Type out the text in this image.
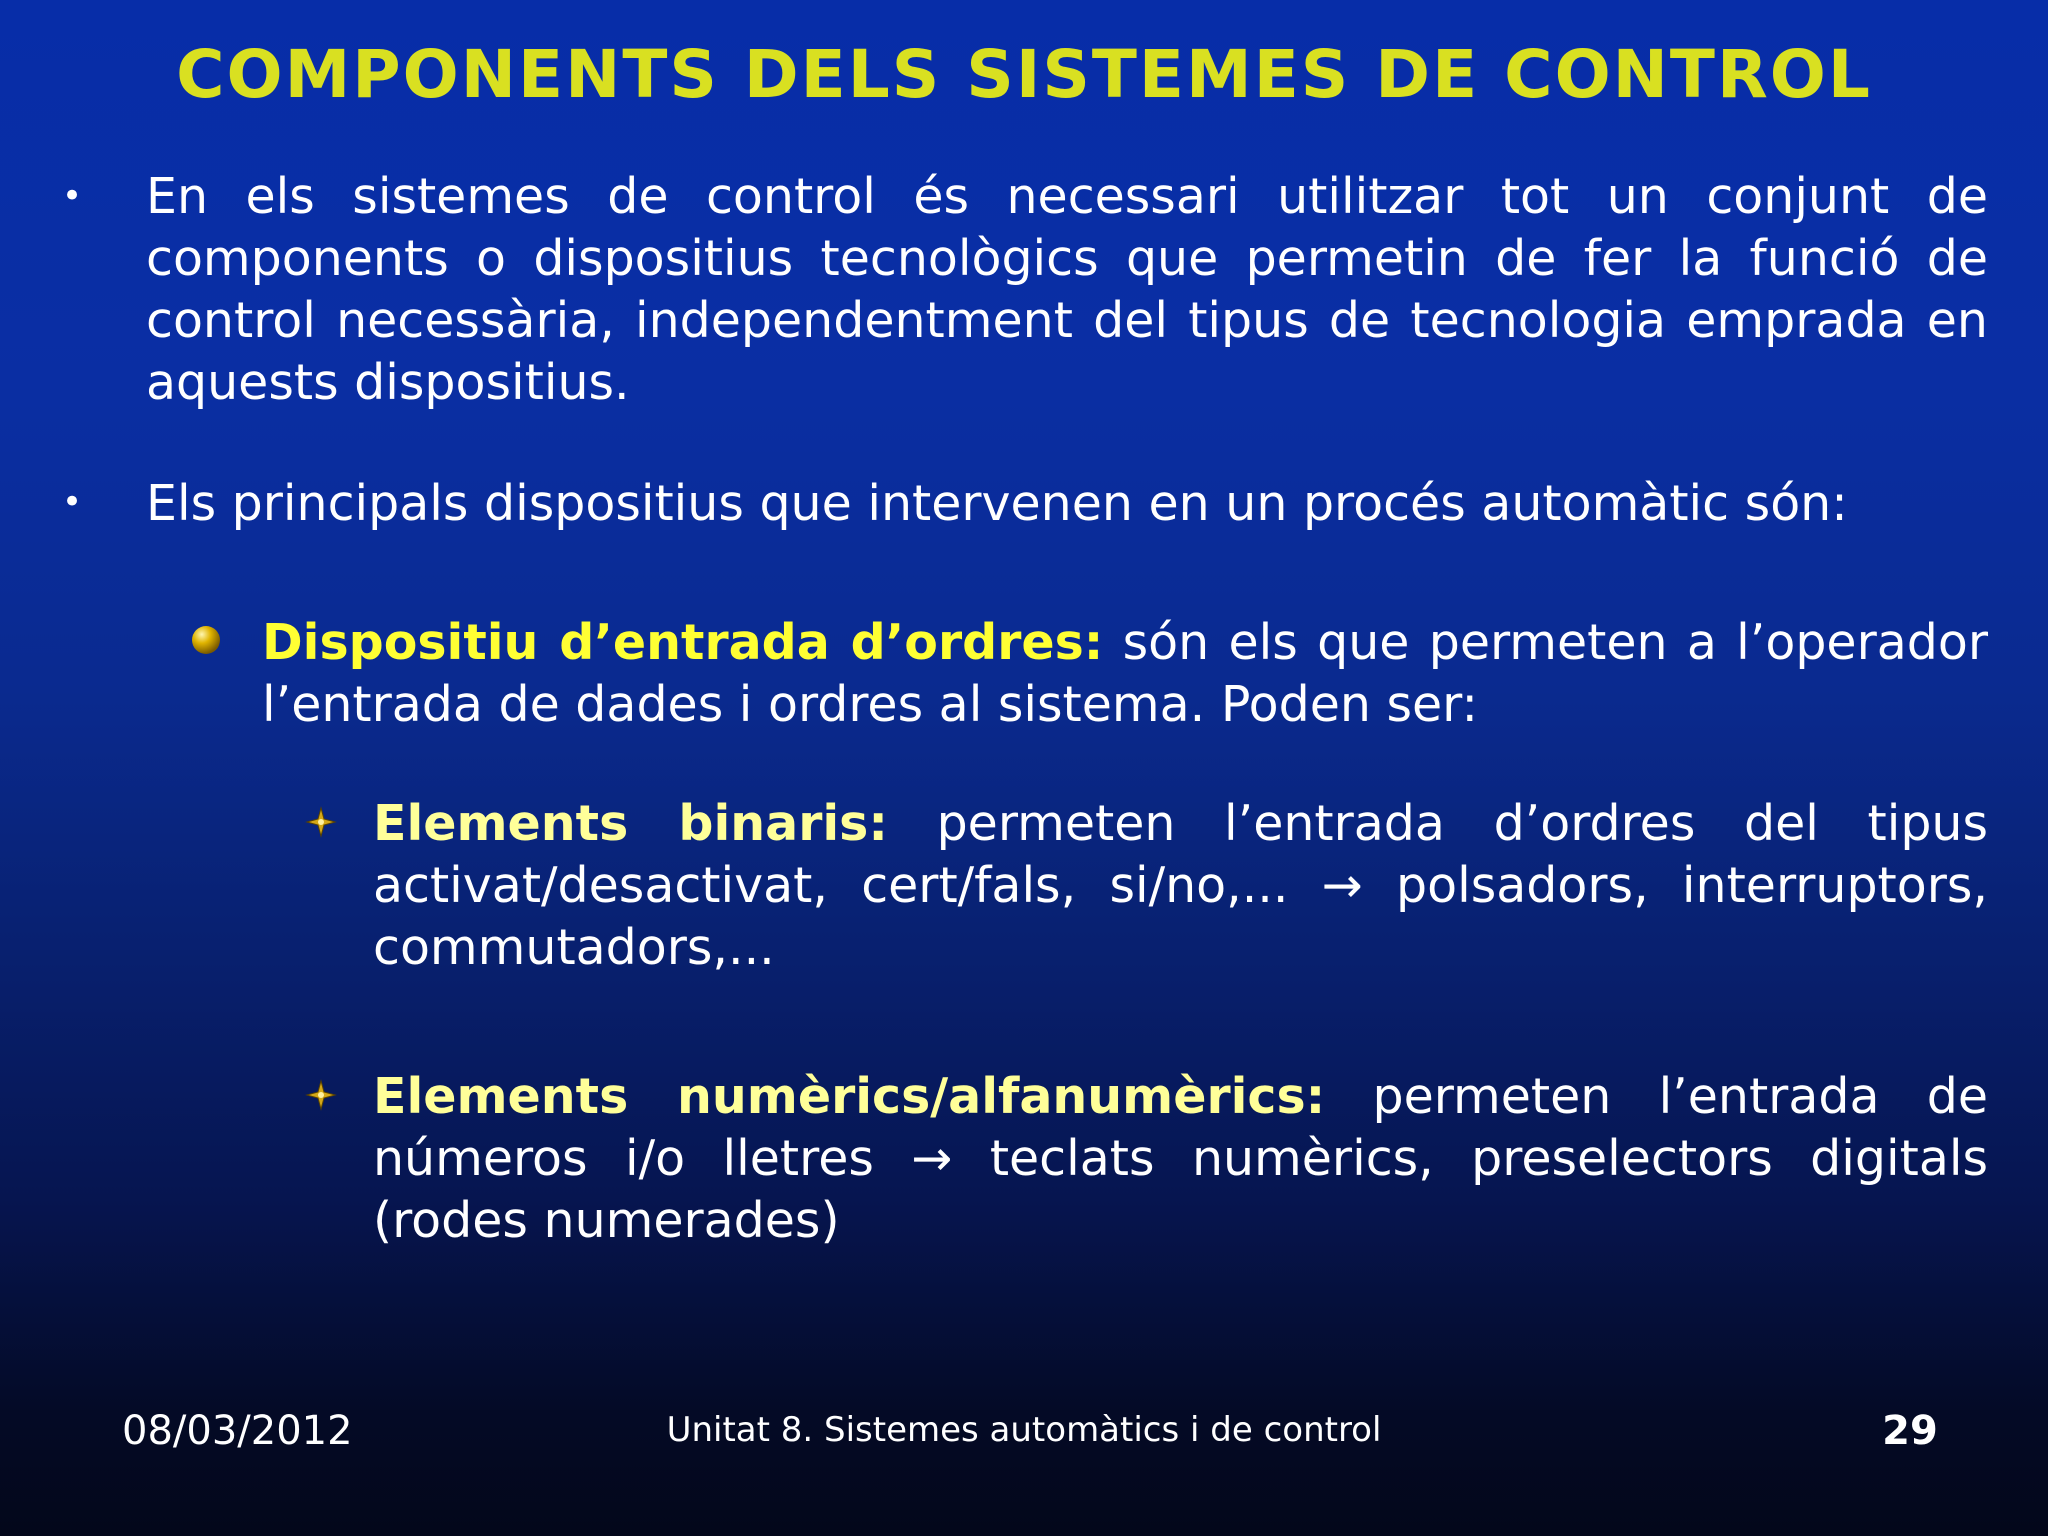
COMPONENTS DELS SISTEMES DE CONTROL
• En els sistemes de control és necessari utilitzar tot un conjunt de components o dispositius tecnològics que permetin de fer la funció de control necessària, independentment del tipus de tecnologia emprada en aquests dispositius.
• Els principals dispositius que intervenen en un procés automàtic són:
Dispositiu d’entrada d’ordres: són els que permeten a l’operador l’entrada de dades i ordres al sistema. Poden ser:
Elements binaris: permeten l’entrada d’ordres del tipus activat/desactivat, cert/fals, si/no,... → polsadors, interruptors, commutadors,...
Elements numèrics/alfanumèrics: permeten l’entrada de números i/o lletres → teclats numèrics, preselectors digitals (rodes numerades)
08/03/2012	Unitat 8. Sistemes automàtics i de control	29
